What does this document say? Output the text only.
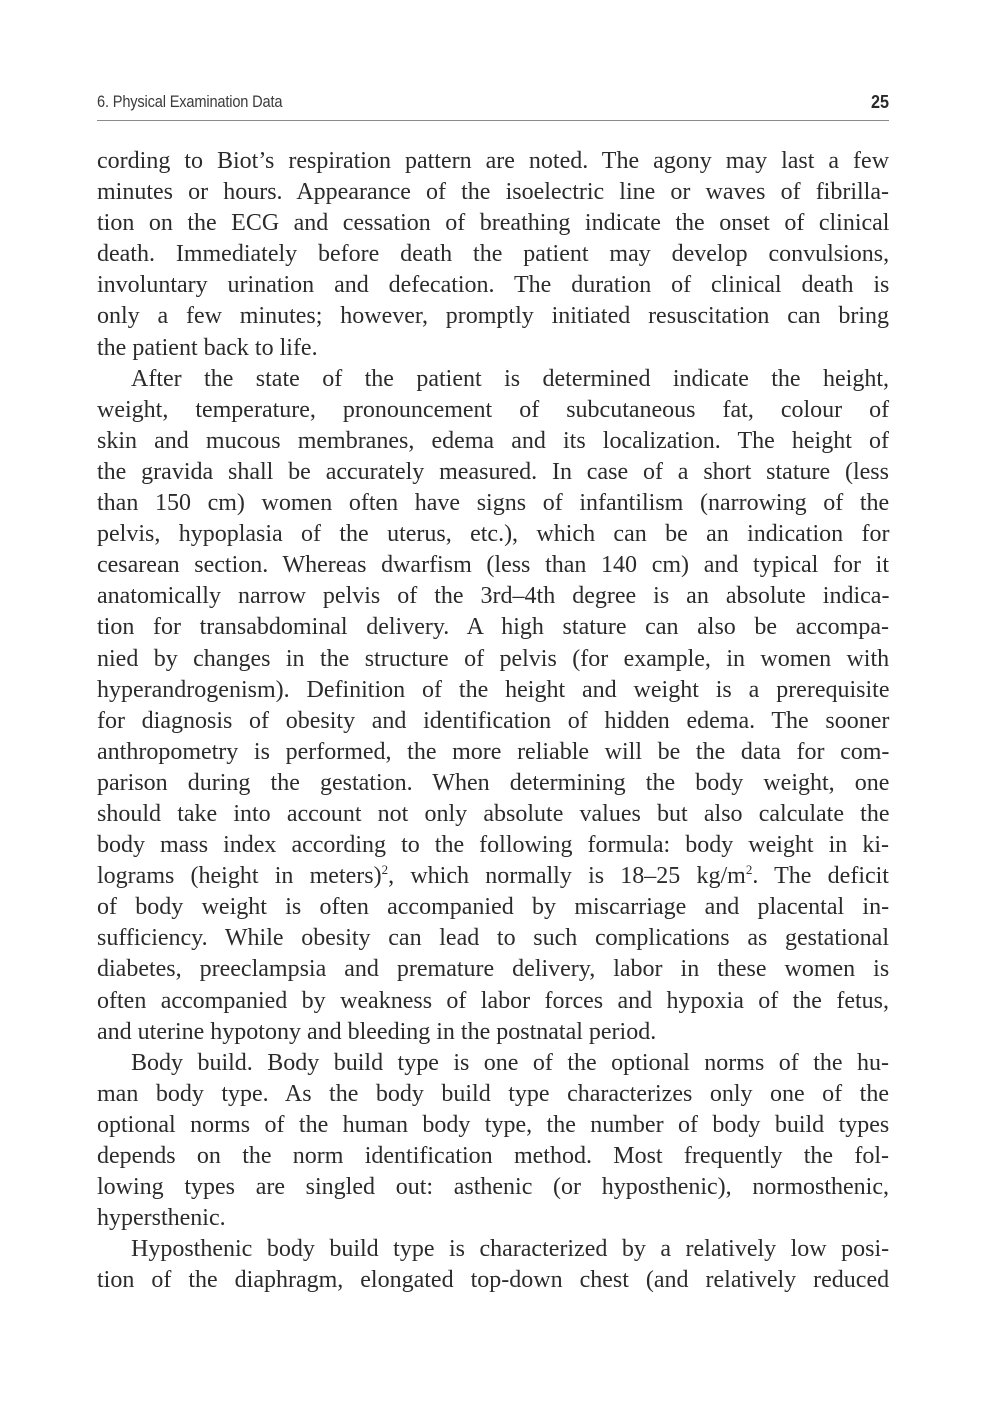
6. Physical Examination Data	25
cording to Biot’s respiration pattern are noted. The agony may last a few
minutes or hours. Appearance of the isoelectric line or waves of fibrilla-
tion on the ECG and cessation of breathing indicate the onset of clinical
death. Immediately before death the patient may develop convulsions,
involuntary urination and defecation. The duration of clinical death is
only a few minutes; however, promptly initiated resuscitation can bring
the patient back to life.
After the state of the patient is determined indicate the height,
weight, temperature, pronouncement of subcutaneous fat, colour of
skin and mucous membranes, edema and its localization. The height of
the gravida shall be accurately measured. In case of a short stature (less
than 150 cm) women often have signs of infantilism (narrowing of the
pelvis, hypoplasia of the uterus, etc.), which can be an indication for
cesarean section. Whereas dwarfism (less than 140 cm) and typical for it
anatomically narrow pelvis of the 3rd–4th degree is an absolute indica-
tion for transabdominal delivery. A high stature can also be accompa-
nied by changes in the structure of pelvis (for example, in women with
hyperandrogenism). Definition of the height and weight is a prerequisite
for diagnosis of obesity and identification of hidden edema. The sooner
anthropometry is performed, the more reliable will be the data for com-
parison during the gestation. When determining the body weight, one
should take into account not only absolute values but also calculate the
body mass index according to the following formula: body weight in ki-
lograms (height in meters)$^2$, which normally is 18–25 $kg/m^2$. The deficit
of body weight is often accompanied by miscarriage and placental in-
sufficiency. While obesity can lead to such complications as gestational
diabetes, preeclampsia and premature delivery, labor in these women is
often accompanied by weakness of labor forces and hypoxia of the fetus,
and uterine hypotony and bleeding in the postnatal period.
Body build. Body build type is one of the optional norms of the hu-
man body type. As the body build type characterizes only one of the
optional norms of the human body type, the number of body build types
depends on the norm identification method. Most frequently the fol-
lowing types are singled out: asthenic (or hyposthenic), normosthenic,
hypersthenic.
Hyposthenic body build type is characterized by a relatively low posi-
tion of the diaphragm, elongated top-down chest (and relatively reduced
